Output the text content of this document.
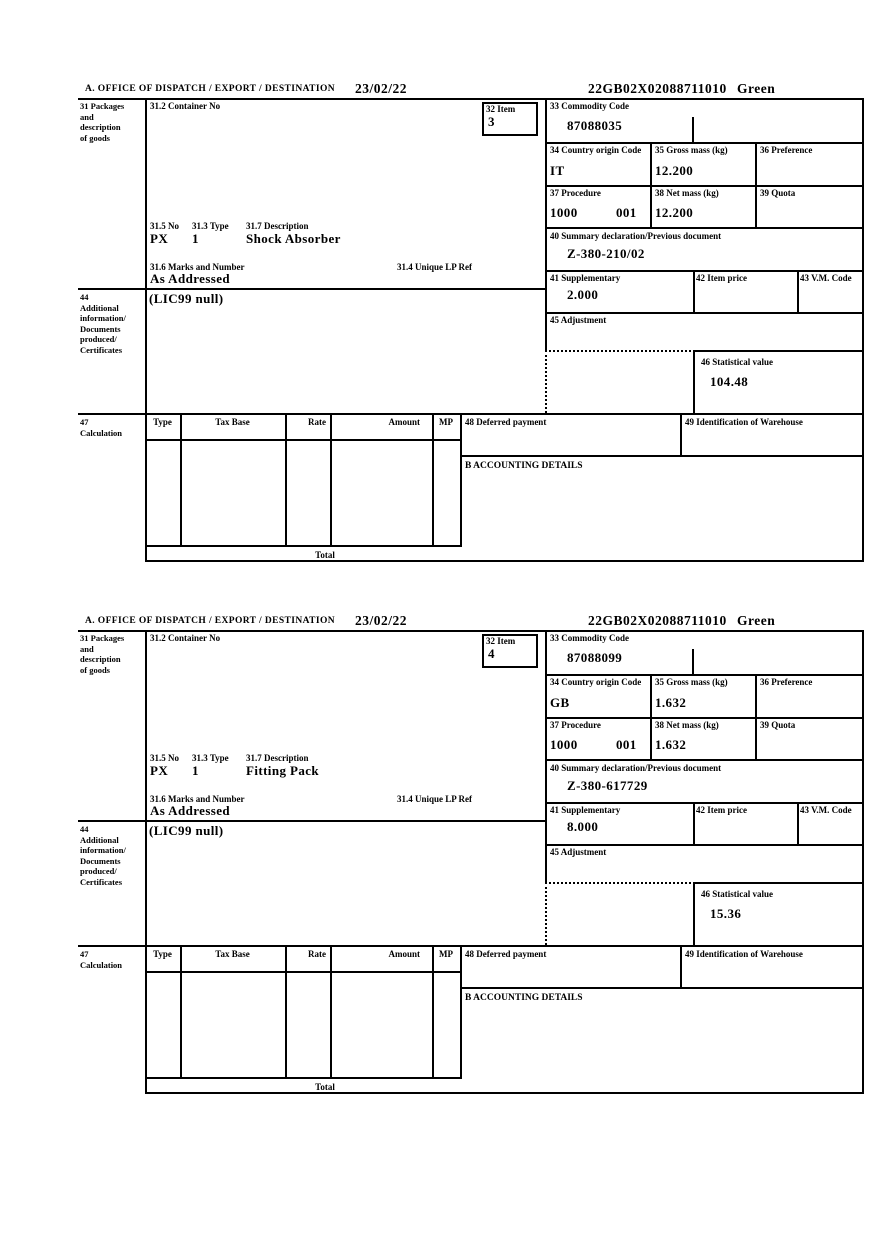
A. OFFICE OF DISPATCH / EXPORT / DESTINATION 23/02/22	22GB02X02088711010 Green
31 Packages
and
description
of goods
44
Additional
information/
Documents
produced/
Certificates
47
Calculation
31.2 Container No	32 Item
3
31.5 No 31.3 Type 31.7 Description
PX 1	Shock Absorber
31.6 Marks and Number	31.4 Unique LP Ref
As Addressed
(LIC99 null)
33 Commodity Code
87088035
34 Country origin Code
IT
35 Gross mass (kg)
12.200
36 Preference
37 Procedure
1000	001
38 Net mass (kg)
12.200
39 Quota
40 Summary declaration/Previous document
Z-380-210/02
41 Supplementary
2.000
42 Item price	43 V.M. Code
45 Adjustment
46 Statistical value
104.48
Type	Tax Base	Rate	Amount	MP
Total
48 Deferred payment	49 Identification of Warehouse
B ACCOUNTING DETAILS
A. OFFICE OF DISPATCH / EXPORT / DESTINATION 23/02/22	22GB02X02088711010 Green
31 Packages
and
description
of goods
44
Additional
information/
Documents
produced/
Certificates
47
Calculation
31.2 Container No	32 Item
4
31.5 No 31.3 Type 31.7 Description
PX 1	Fitting Pack
31.6 Marks and Number	31.4 Unique LP Ref
As Addressed
(LIC99 null)
33 Commodity Code
87088099
34 Country origin Code
GB
35 Gross mass (kg)
1.632
36 Preference
37 Procedure
1000	001
38 Net mass (kg)
1.632
39 Quota
40 Summary declaration/Previous document
Z-380-617729
41 Supplementary
8.000
42 Item price	43 V.M. Code
45 Adjustment
46 Statistical value
15.36
Type	Tax Base	Rate	Amount	MP
Total
48 Deferred payment	49 Identification of Warehouse
B ACCOUNTING DETAILS
